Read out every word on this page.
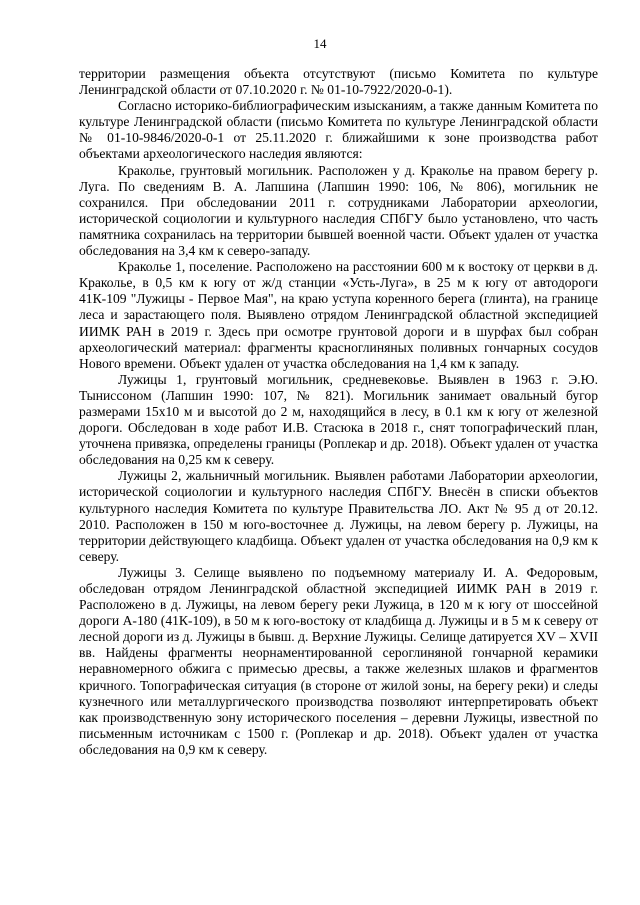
14

территории размещения объекта отсутствуют (письмо Комитета по культуре Ленинградской области от 07.10.2020 г. № 01-10-7922/2020-0-1).

Согласно историко-библиографическим изысканиям, а также данным Комитета по культуре Ленинградской области (письмо Комитета по культуре Ленинградской области № 01-10-9846/2020-0-1 от 25.11.2020 г. ближайшими к зоне производства работ объектами археологического наследия являются:

Краколье, грунтовый могильник. Расположен у д. Кракольe на правом берегу р. Луга. По сведениям В. А. Лапшина (Лапшин 1990: 106, № 806), могильник не сохранился. При обследовании 2011 г. сотрудниками Лаборатории археологии, исторической социологии и культурного наследия СПбГУ было установлено, что часть памятника сохранилась на территории бывшей военной части. Объект удален от участка обследования на 3,4 км к северо-западу.

Кракольe 1, поселение. Расположено на расстоянии 600 м к востоку от церкви в д. Кракольe, в 0,5 км к югу от ж/д станции «Усть-Луга», в 25 м к югу от автодороги 41К-109 "Лужицы - Первое Мая", на краю уступа коренного берега (глинта), на границе леса и зарастающего поля. Выявлено отрядом Ленинградской областной экспедицией ИИМК РАН в 2019 г. Здесь при осмотре грунтовой дороги и в шурфах был собран археологический материал: фрагменты красноглиняных поливных гончарных сосудов Нового времени. Объект удален от участка обследования на 1,4 км к западу.

Лужицы 1, грунтовый могильник, средневековье. Выявлен в 1963 г. Э.Ю. Тыниссоном (Лапшин 1990: 107, № 821). Могильник занимает овальный бугор размерами 15х10 м и высотой до 2 м, находящийся в лесу, в 0.1 км к югу от железной дороги. Обследован в ходе работ И.В. Стасюка в 2018 г., снят топографический план, уточнена привязка, определены границы (Роплекар и др. 2018). Объект удален от участка обследования на 0,25 км к северу.

Лужицы 2, жальничный могильник. Выявлен работами Лаборатории археологии, исторической социологии и культурного наследия СПбГУ. Внесён в списки объектов культурного наследия Комитета по культуре Правительства ЛО. Акт № 95 д от 20.12. 2010. Расположен в 150 м юго-восточнее д. Лужицы, на левом берегу р. Лужицы, на территории действующего кладбища. Объект удален от участка обследования на 0,9 км к северу.

Лужицы 3. Селище выявлено по подъемному материалу И. А. Федоровым, обследован отрядом Ленинградской областной экспедицией ИИМК РАН в 2019 г. Расположено в д. Лужицы, на левом берегу реки Лужица, в 120 м к югу от шоссейной дороги А-180 (41К-109), в 50 м к юго-востоку от кладбища д. Лужицы и в 5 м к северу от лесной дороги из д. Лужицы в бывш. д. Верхние Лужицы. Селище датируется XV – XVII вв. Найдены фрагменты неорнаментированной сероглиняной гончарной керамики неравномерного обжига с примесью дресвы, а также железных шлаков и фрагментов кричного. Топографическая ситуация (в стороне от жилой зоны, на берегу реки) и следы кузнечного или металлургического производства позволяют интерпретировать объект как производственную зону исторического поселения – деревни Лужицы, известной по письменным источникам с 1500 г. (Роплекар и др. 2018). Объект удален от участка обследования на 0,9 км к северу.
